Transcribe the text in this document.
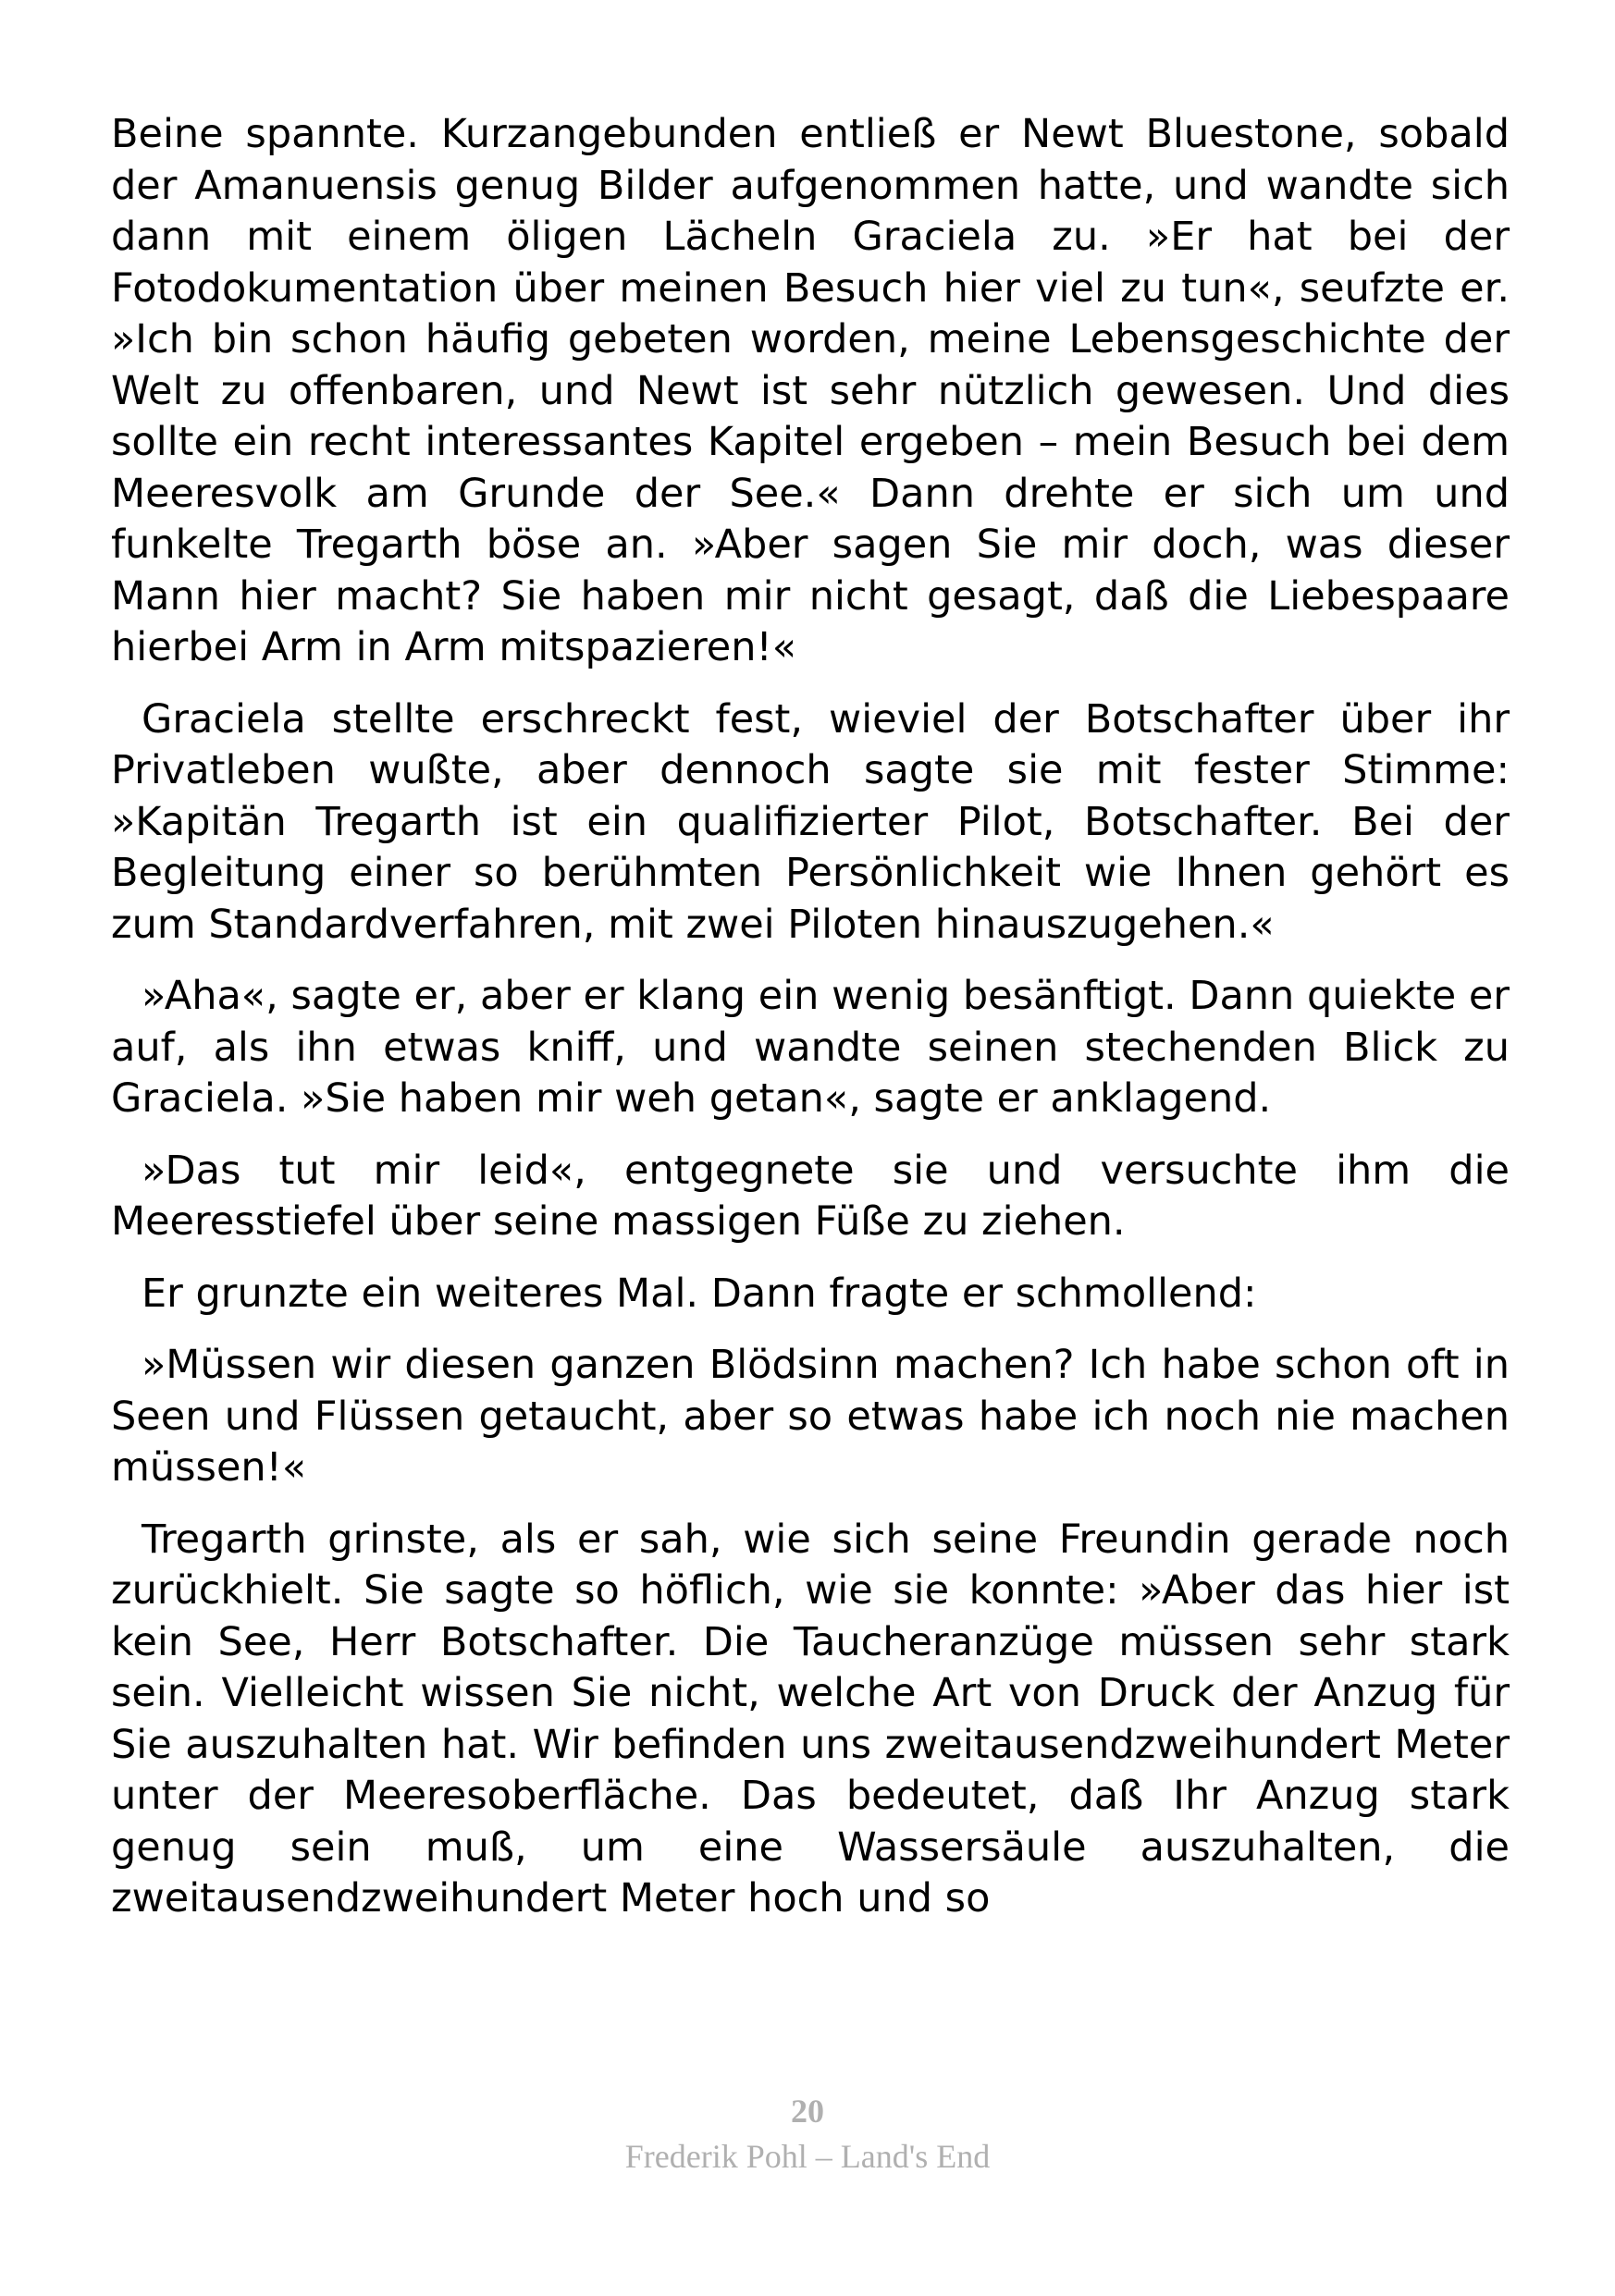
Beine spannte. Kurzangebunden entließ er Newt Bluestone, sobald der Amanuensis genug Bilder aufgenommen hatte, und wandte sich dann mit einem öligen Lächeln Graciela zu. »Er hat bei der Fotodokumentation über meinen Besuch hier viel zu tun«, seufzte er. »Ich bin schon häufig gebeten worden, meine Lebensgeschichte der Welt zu offenbaren, und Newt ist sehr nützlich gewesen. Und dies sollte ein recht interessantes Kapitel ergeben – mein Besuch bei dem Meeresvolk am Grunde der See.« Dann drehte er sich um und funkelte Tregarth böse an. »Aber sagen Sie mir doch, was dieser Mann hier macht? Sie haben mir nicht gesagt, daß die Liebespaare hierbei Arm in Arm mitspazieren!«

Graciela stellte erschreckt fest, wieviel der Botschafter über ihr Privatleben wußte, aber dennoch sagte sie mit fester Stimme: »Kapitän Tregarth ist ein qualifizierter Pilot, Botschafter. Bei der Begleitung einer so berühmten Persönlichkeit wie Ihnen gehört es zum Standardverfahren, mit zwei Piloten hinauszugehen.«

»Aha«, sagte er, aber er klang ein wenig besänftigt. Dann quiekte er auf, als ihn etwas kniff, und wandte seinen stechenden Blick zu Graciela. »Sie haben mir weh getan«, sagte er anklagend.

»Das tut mir leid«, entgegnete sie und versuchte ihm die Meeresstiefel über seine massigen Füße zu ziehen.

Er grunzte ein weiteres Mal. Dann fragte er schmollend:

»Müssen wir diesen ganzen Blödsinn machen? Ich habe schon oft in Seen und Flüssen getaucht, aber so etwas habe ich noch nie machen müssen!«

Tregarth grinste, als er sah, wie sich seine Freundin gerade noch zurückhielt. Sie sagte so höflich, wie sie konnte: »Aber das hier ist kein See, Herr Botschafter. Die Taucheranzüge müssen sehr stark sein. Vielleicht wissen Sie nicht, welche Art von Druck der Anzug für Sie auszuhalten hat. Wir befinden uns zweitausendzweihundert Meter unter der Meeresoberfläche. Das bedeutet, daß Ihr Anzug stark genug sein muß, um eine Wassersäule auszuhalten, die zweitausendzweihundert Meter hoch und so

20
Frederik Pohl – Land's End
